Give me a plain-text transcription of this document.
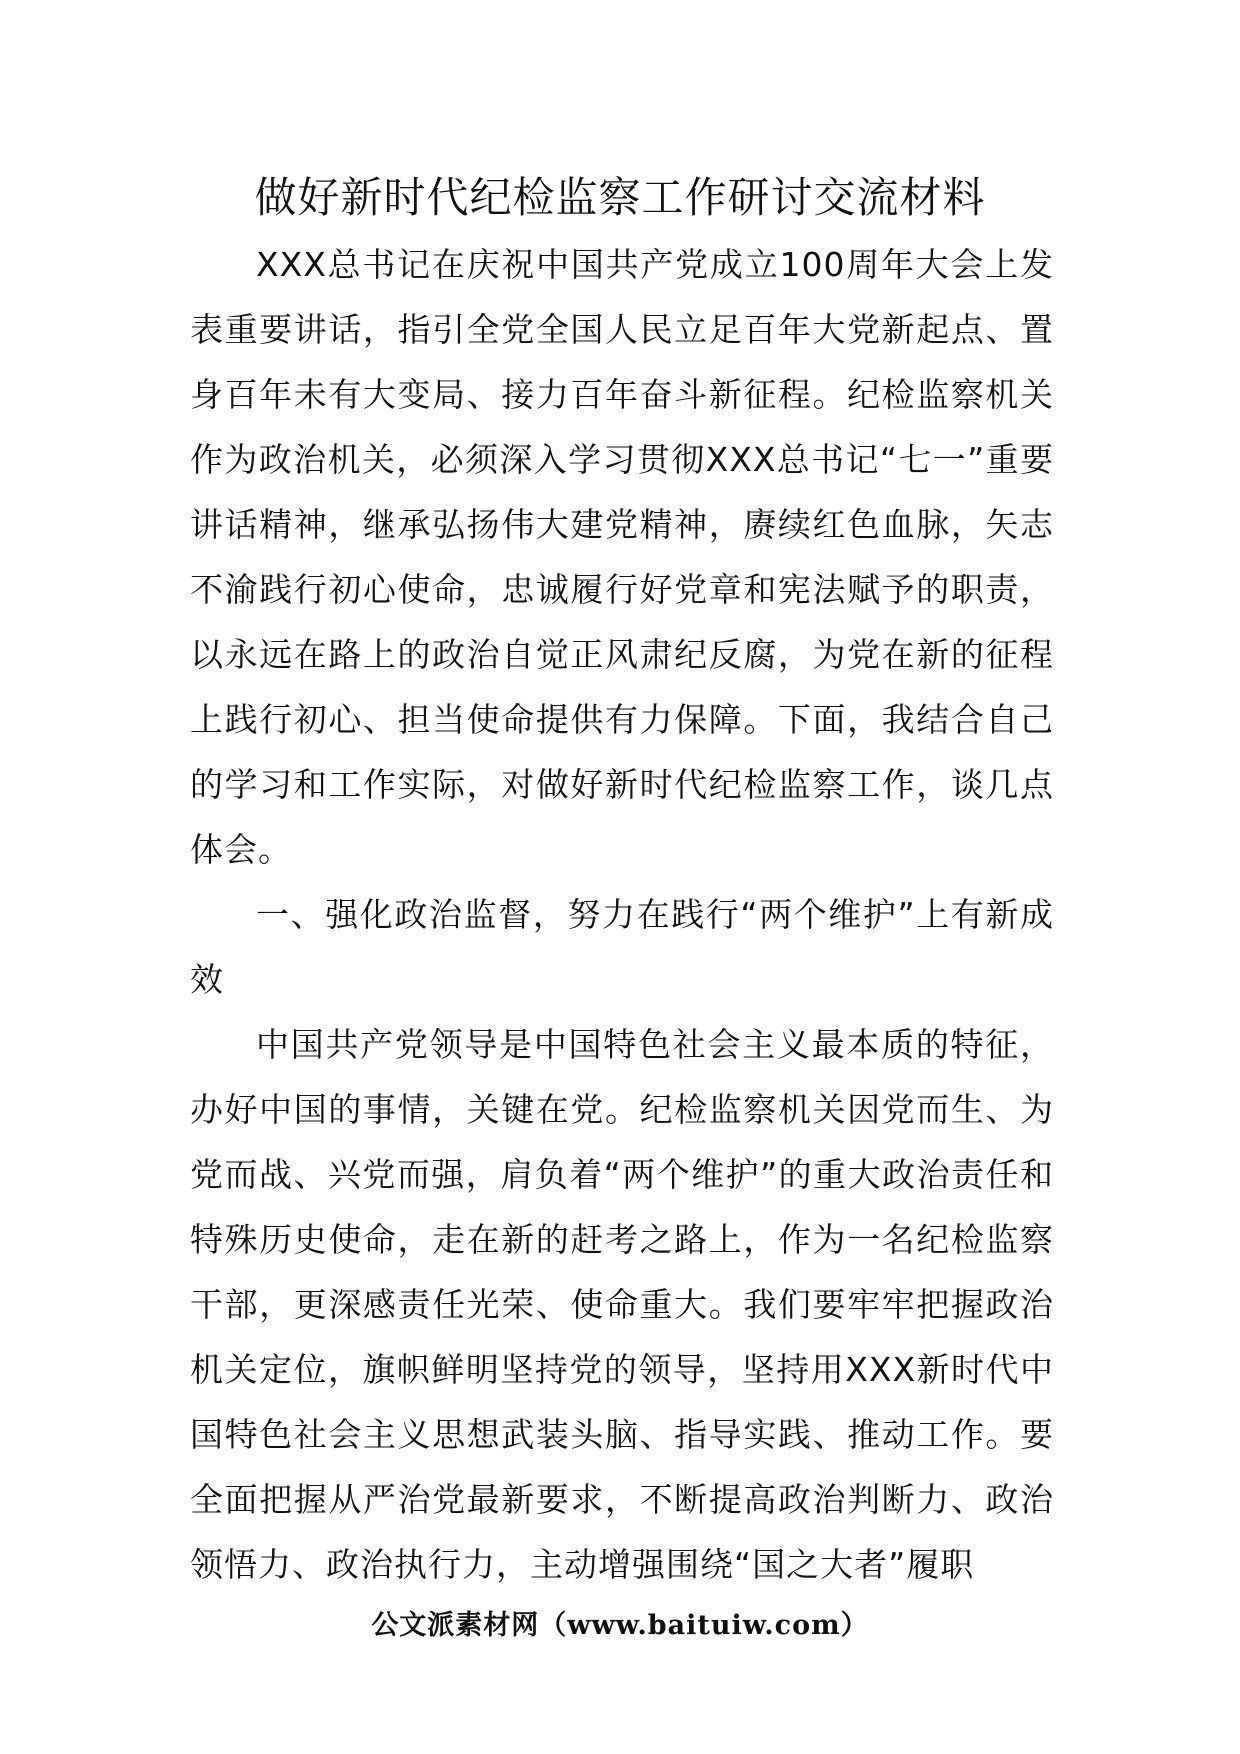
做好新时代纪检监察工作研讨交流材料

XXX总书记在庆祝中国共产党成立100周年大会上发表重要讲话，指引全党全国人民立足百年大党新起点、置身百年未有大变局、接力百年奋斗新征程。纪检监察机关作为政治机关，必须深入学习贯彻XXX总书记“七一”重要讲话精神，继承弘扬伟大建党精神，赓续红色血脉，矢志不渝践行初心使命，忠诚履行好党章和宪法赋予的职责，以永远在路上的政治自觉正风肃纪反腐，为党在新的征程上践行初心、担当使命提供有力保障。下面，我结合自己的学习和工作实际，对做好新时代纪检监察工作，谈几点体会。

一、强化政治监督，努力在践行“两个维护”上有新成效

中国共产党领导是中国特色社会主义最本质的特征，办好中国的事情，关键在党。纪检监察机关因党而生、为党而战、兴党而强，肩负着“两个维护”的重大政治责任和特殊历史使命，走在新的赶考之路上，作为一名纪检监察干部，更深感责任光荣、使命重大。我们要牢牢把握政治机关定位，旗帜鲜明坚持党的领导，坚持用XXX新时代中国特色社会主义思想武装头脑、指导实践、推动工作。要全面把握从严治党最新要求，不断提高政治判断力、政治领悟力、政治执行力，主动增强围绕“国之大者”履职

公文派素材网（www.baituiw.com）
